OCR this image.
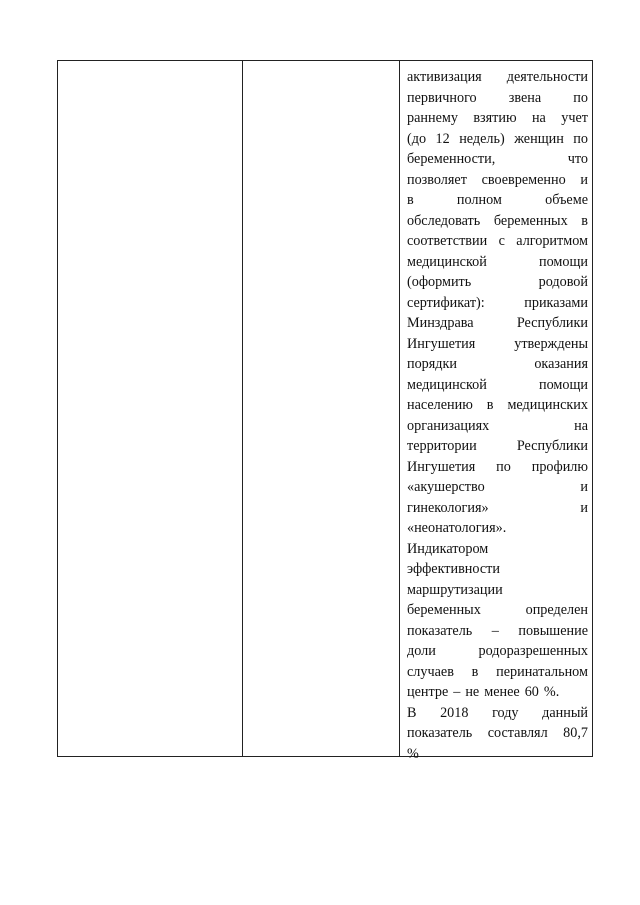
активизация деятельности
первичного звена по
раннему взятию на учет
(до 12 недель) женщин по
беременности,	что
позволяет своевременно и
в	полном	объеме
обследовать беременных в
соответствии с алгоритмом
медицинской	помощи
(оформить	родовой
сертификат):	приказами
Минздрава	Республики
Ингушетия	утверждены
порядки	оказания
медицинской	помощи
населению в медицинских
организациях	на
территории	Республики
Ингушетия по профилю
«акушерство	и
гинекология»	и
«неонатология».
Индикатором
эффективности
маршрутизации
беременных	определен
показатель – повышение
доли	родоразрешенных
случаев в перинатальном
центре – не менее 60 %.
В 2018 году данный
показатель составлял 80,7
%
